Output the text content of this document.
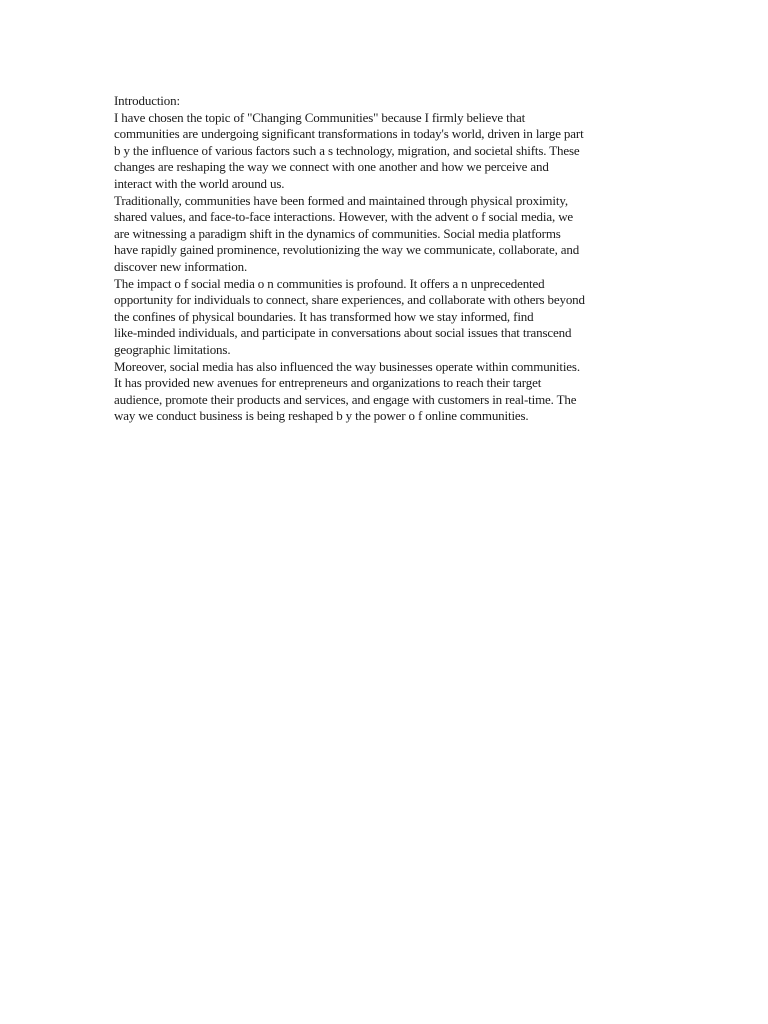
Introduction:
I have chosen the topic of "Changing Communities" because I firmly believe that
communities are undergoing significant transformations in today's world, driven in large part
b y the influence of various factors such a s technology, migration, and societal shifts. These
changes are reshaping the way we connect with one another and how we perceive and
interact with the world around us.
Traditionally, communities have been formed and maintained through physical proximity,
shared values, and face-to-face interactions. However, with the advent o f social media, we
are witnessing a paradigm shift in the dynamics of communities. Social media platforms
have rapidly gained prominence, revolutionizing the way we communicate, collaborate, and
discover new information.
The impact o f social media o n communities is profound. It offers a n unprecedented
opportunity for individuals to connect, share experiences, and collaborate with others beyond
the confines of physical boundaries. It has transformed how we stay informed, find
like-minded individuals, and participate in conversations about social issues that transcend
geographic limitations.
Moreover, social media has also influenced the way businesses operate within communities.
It has provided new avenues for entrepreneurs and organizations to reach their target
audience, promote their products and services, and engage with customers in real-time. The
way we conduct business is being reshaped b y the power o f online communities.
